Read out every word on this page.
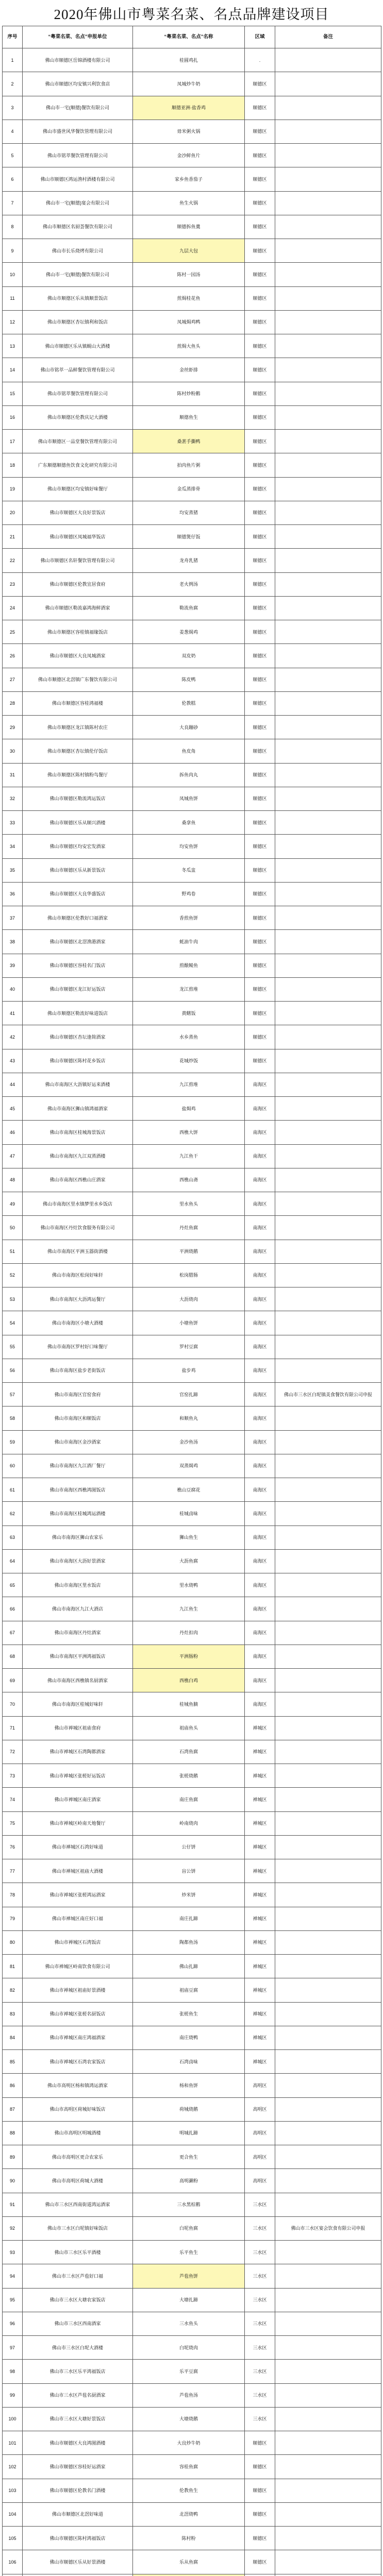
2020年佛山市粤菜名菜、名点品牌建设项目
序号	“粤菜名菜、名点”申报单位	“粤菜名菜、名点”名称	区域	备注
1	佛山市顺德区岳锦酒楼有限公司	桂圆鸡扎	.	
2	佛山市顺德区均安镇兴利饮食店	凤城炒牛奶	顺德区	
3	佛山市一宅(顺德)餐饮有限公司	顺德亚洲·盐香鸡	顺德区	
4	佛山市盛世风华餐饮管理有限公司	毋米粥火锅	顺德区	
5	佛山市铭萃餐饮管理有限公司	金沙鲜鱼片	顺德区	
6	佛山市顺德区鸿运渔村酒楼有限公司	家乡鱼香茄子	顺德区	
7	佛山市一宅(顺德)宴会有限公司	鱼生火锅	顺德区	
8	佛山市顺德区名厨荟餐饮有限公司	顺德拆鱼羹	顺德区	
9	佛山市长乐烧烤有限公司	九层大包	顺德区	
10	佛山市一宅(顺德)餐饮有限公司	陈村一园汤	顺德区	
11	佛山市顺德区乐从镇顺景饭店	煎焗桂花鱼	顺德区	
12	佛山市顺德区杏坛镇利和饭店	凤城焗鸡鸭	顺德区	
13	佛山市顺德区乐从镇蚬山大酒楼	煎焗大鱼头	顺德区	
14	佛山市铭萃一品鲜餐饮管理有限公司	金丝虾排	顺德区	
15	佛山市铭萃餐饮管理有限公司	陈村炒粉鹅	顺德区	
16	佛山市顺德区伦教庆记大酒楼	顺德鱼生	顺德区	
17	佛山市顺德区一品堂餐饮管理有限公司	桑葚手撕鸭	顺德区	
18	广东顺德顺德鱼饮食文化研究有限公司	拍肉鱼片粥	顺德区	
19	佛山市顺德区均安镇好味餐厅	金瓜蒸排骨	顺德区	
20	佛山市顺德区大良好景饭店	均安蒸猪	顺德区	
21	佛山市顺德区凤城福华饭店	顺德煲仔饭	顺德区	
22	佛山市顺德区名轩餐饮管理有限公司	龙舟乳猪	顺德区	
23	佛山市顺德区伦教宜居食府	老火例汤	顺德区	
24	佛山市顺德区勒流嘉鸿海鲜酒家	勒流鱼腐	顺德区	
25	佛山市顺德区容桂镇福缘饭店	姜葱焗鸡	顺德区	
26	佛山市顺德区大良凤城酒家	双皮奶	顺德区	
27	佛山市顺德区北滘镇广东餐饮有限公司	陈皮鸭	顺德区	
28	佛山市顺德区容桂鸿福楼	伦教糕	顺德区	
29	佛山市顺德区龙江镇陈村农庄	大良蹦砂	顺德区	
30	佛山市顺德区杏坛镇伦仔饭店	鱼皮角	顺德区	
31	佛山市顺德区陈村镇粉鸟餐厅	拆鱼肉丸	顺德区	
32	佛山市顺德区勒流鸿运饭店	凤城鱼饼	顺德区	
33	佛山市顺德区乐从顺兴酒楼	桑拿鱼	顺德区	
34	佛山市顺德区均安宏发酒家	均安鱼饼	顺德区	
35	佛山市顺德区乐从新景饭店	冬瓜盅	顺德区	
36	佛山市顺德区大良华盛饭店	野鸡卷	顺德区	
37	佛山市顺德区伦教好口福酒家	香煎鱼饼	顺德区	
38	佛山市顺德区北滘渔港酒家	蚝油牛肉	顺德区	
39	佛山市顺德区容桂名门饭店	煎酿鲮鱼	顺德区	
40	佛山市顺德区龙江好运饭店	龙江煎堆	顺德区	
41	佛山市顺德区勒流好味道饭店	黄鳝饭	顺德区	
42	佛山市顺德区杏坛逢简酒家	水乡蒸鱼	顺德区	
43	佛山市顺德区陈村花乡饭店	花城炒饭	顺德区	
44	佛山市南海区大沥镇好运来酒楼	九江煎堆	南海区	
45	佛山市南海区狮山镇鸿福酒家	盐焗鸡	南海区	
46	佛山市南海区桂城海景饭店	西樵大饼	南海区	
47	佛山市南海区九江双蒸酒楼	九江鱼干	南海区	
48	佛山市南海区西樵山庄酒家	西樵山斋	南海区	
49	佛山市南海区里水镇梦里水乡饭店	里水鱼头	南海区	
50	佛山市南海区丹灶饮食服务有限公司	丹灶鱼腐	南海区	
51	佛山市南海区平洲玉器街酒楼	平洲烧鹅	南海区	
52	佛山市南海区松岗好味轩	松岗腊肠	南海区	
53	佛山市南海区大沥鸿运餐厅	大沥烧肉	南海区	
54	佛山市南海区小塘大酒楼	小塘鱼饼	南海区	
55	佛山市南海区罗村好口味餐厅	罗村豆腐	南海区	
56	佛山市南海区盐步老街饭店	盐步鸡	南海区	
57	佛山市南海区官窑食府	官窑扎蹄	南海区	佛山市三水区白坭镇美食餐饮有限公司申报
58	佛山市南海区和顺饭店	和顺鱼丸	南海区	
59	佛山市南海区金沙酒家	金沙鱼汤	南海区	
60	佛山市南海区九江酒厂餐厅	双蒸焗鸡	南海区	
61	佛山市南海区西樵鸿图饭店	樵山豆腐花	南海区	
62	佛山市南海区桂城鸿运酒楼	桂城卤味	南海区	
63	佛山市南海区狮山农家乐	狮山鱼生	南海区	
64	佛山市南海区大沥好景酒家	大沥鱼腐	南海区	
65	佛山市南海区里水饭店	里水烧鸭	南海区	
66	佛山市南海区九江大酒店	九江鱼生	南海区	
67	佛山市南海区丹灶酒家	丹灶扣肉	南海区	
68	佛山市南海区平洲鸿福饭店	平洲肠粉	南海区	
69	佛山市南海区西樵镇名厨酒家	西樵白鸡	南海区	
70	佛山市南海区桂城好味轩	桂城鱼腩	南海区	
71	佛山市禅城区祖庙食府	祖庙鱼头	禅城区	
72	佛山市禅城区石湾陶都酒家	石湾鱼腐	禅城区	
73	佛山市禅城区张槎好运饭店	张槎烧鹅	禅城区	
74	佛山市禅城区南庄酒家	南庄鱼腐	禅城区	
75	佛山市禅城区岭南天地餐厅	岭南烧肉	禅城区	
76	佛山市禅城区石湾好味道	公仔饼	禅城区	
77	佛山市禅城区祖庙大酒楼	盲公饼	禅城区	
78	佛山市禅城区张槎鸿运酒家	炒米饼	禅城区	
79	佛山市禅城区南庄好口福	南庄扎蹄	禅城区	
80	佛山市禅城区石湾饭店	陶都鱼汤	禅城区	
81	佛山市禅城区岭南饮食有限公司	佛山扎蹄	禅城区	
82	佛山市禅城区祖庙好景酒楼	祖庙豆腐	禅城区	
83	佛山市禅城区张槎名厨饭店	张槎鱼生	禅城区	
84	佛山市禅城区南庄鸿福酒家	南庄烧鸭	禅城区	
85	佛山市禅城区石湾农家饭店	石湾卤味	禅城区	
86	佛山市高明区杨和镇鸿运酒家	杨和鱼饼	高明区	
87	佛山市高明区荷城好味饭店	荷城烧鹅	高明区	
88	佛山市高明区明城酒楼	明城扎蹄	高明区	
89	佛山市高明区更合农家乐	更合鱼生	高明区	
90	佛山市高明区荷城大酒楼	高明濑粉	高明区	
91	佛山市三水区西南街道鸿运酒家	三水黑棕鹅	三水区	
92	佛山市三水区白坭镇好味饭店	白坭鱼腐	三水区	佛山市三水区宴会饮食有限公司申报
93	佛山市三水区乐平酒楼	乐平鱼生	三水区	
94	佛山市三水区芦苞好口福	芦苞鱼饼	三水区	
95	佛山市三水区大塘农家饭店	大塘扎蹄	三水区	
96	佛山市三水区西南酒家	三水鱼头	三水区	
97	佛山市三水区白坭大酒楼	白坭烧肉	三水区	
98	佛山市三水区乐平鸿福饭店	乐平豆腐	三水区	
99	佛山市三水区芦苞名厨酒家	芦苞鱼汤	三水区	
100	佛山市三水区大塘好景饭店	大塘烧鹅	三水区	
101	佛山市顺德区大良鸿图酒楼	大良炒牛奶	顺德区	
102	佛山市顺德区容桂好运酒家	容桂鱼腐	顺德区	
103	佛山市顺德区伦教名门酒楼	伦教鱼生	顺德区	
104	佛山市顺德区北滘好味道	北滘烧鸭	顺德区	
105	佛山市顺德区陈村鸿福饭店	陈村粉	顺德区	
106	佛山市顺德区乐从好景酒楼	乐从鱼腐	顺德区	
